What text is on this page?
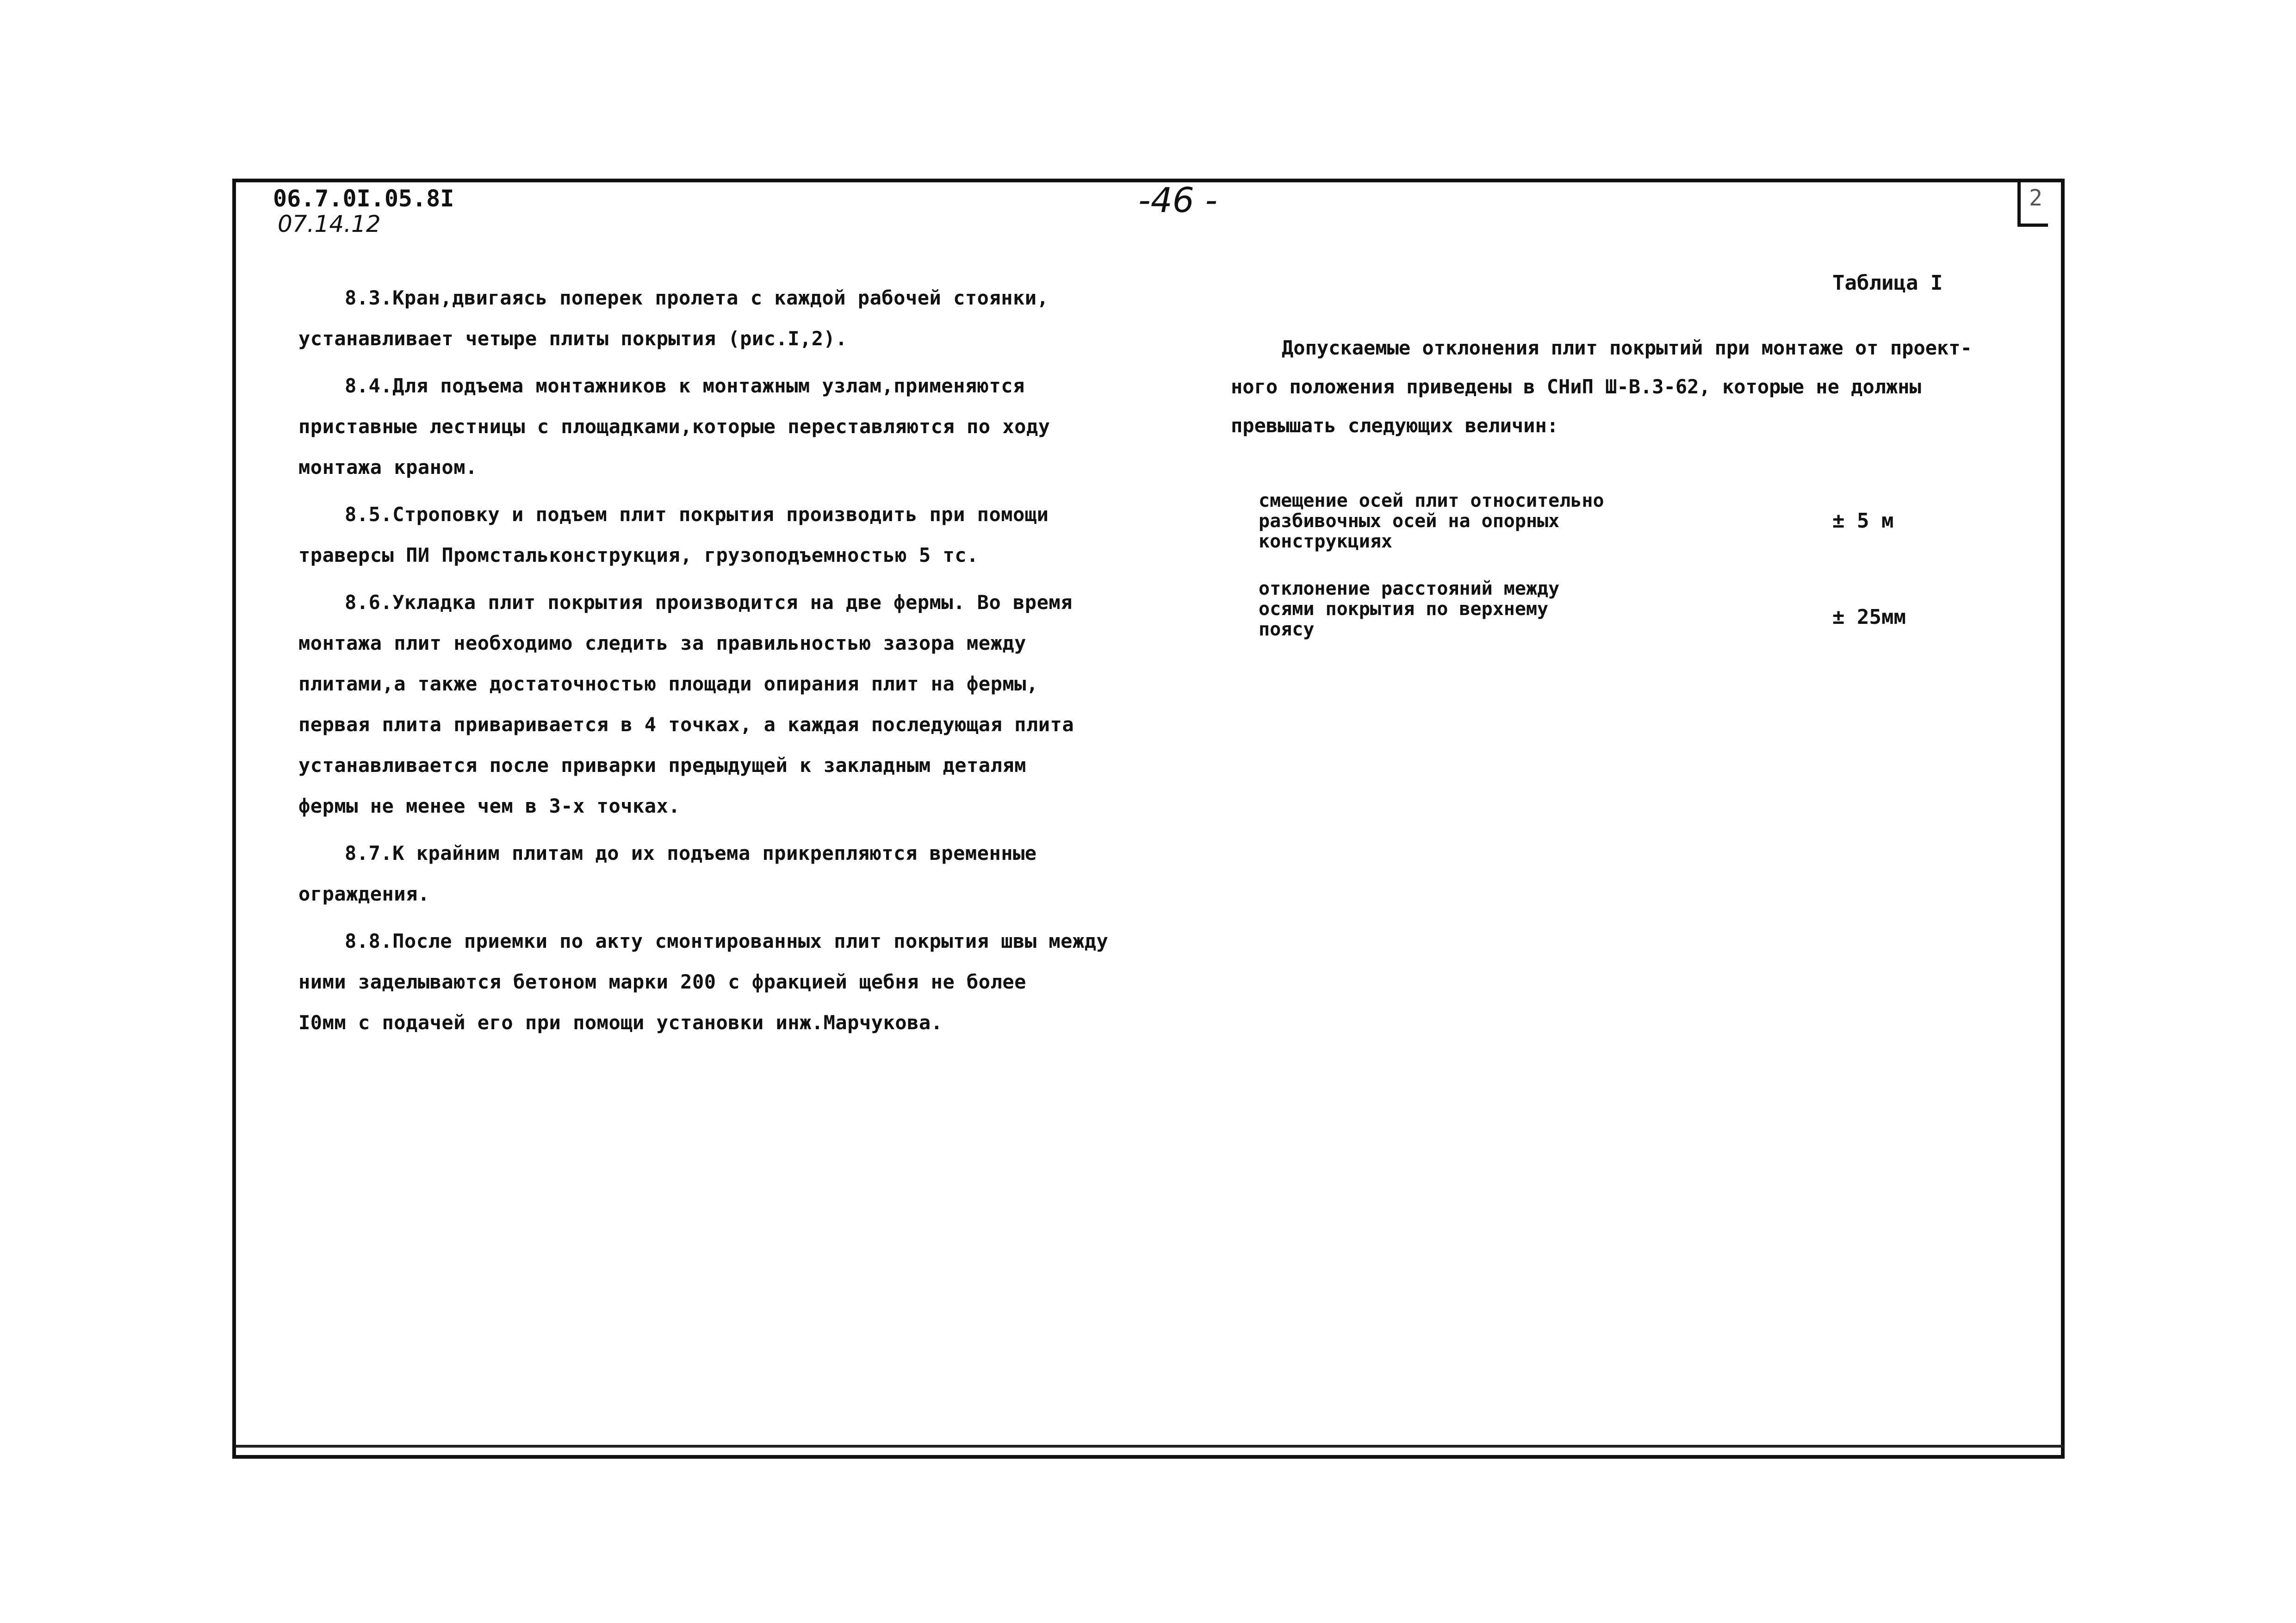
2
06.7.0I.05.8I
07.14.12
-46 -

8.3.Кран,двигаясь поперек пролета с каждой рабочей стоянки,
устанавливает четыре плиты покрытия (рис.I,2).

8.4.Для подъема монтажников к монтажным узлам,применяются
приставные лестницы с площадками,которые переставляются по ходу
монтажа краном.

8.5.Строповку и подъем плит покрытия производить при помощи
траверсы ПИ Промстальконструкция, грузоподъемностью 5 тс.

8.6.Укладка плит покрытия производится на две фермы. Во время
монтажа плит необходимо следить за правильностью зазора между
плитами,а также достаточностью площади опирания плит на фермы,
первая плита приваривается в 4 точках, а каждая последующая плита
устанавливается после приварки предыдущей к закладным деталям
фермы не менее чем в 3-х точках.

8.7.К крайним плитам до их подъема прикрепляются временные
ограждения.

8.8.После приемки по акту смонтированных плит покрытия швы между
ними заделываются бетоном марки 200 с фракцией щебня не более
I0мм с подачей его при помощи установки инж.Марчукова.

Таблица I
Допускаемые отклонения плит покрытий при монтаже от проект-
ного положения приведены в СНиП Ш-В.3-62, которые не должны
превышать следующих величин:
смещение осей плит относительно
разбивочных осей на опорных
конструкциях
± 5 м
отклонение расстояний между
осями покрытия по верхнему
поясу
± 25мм
